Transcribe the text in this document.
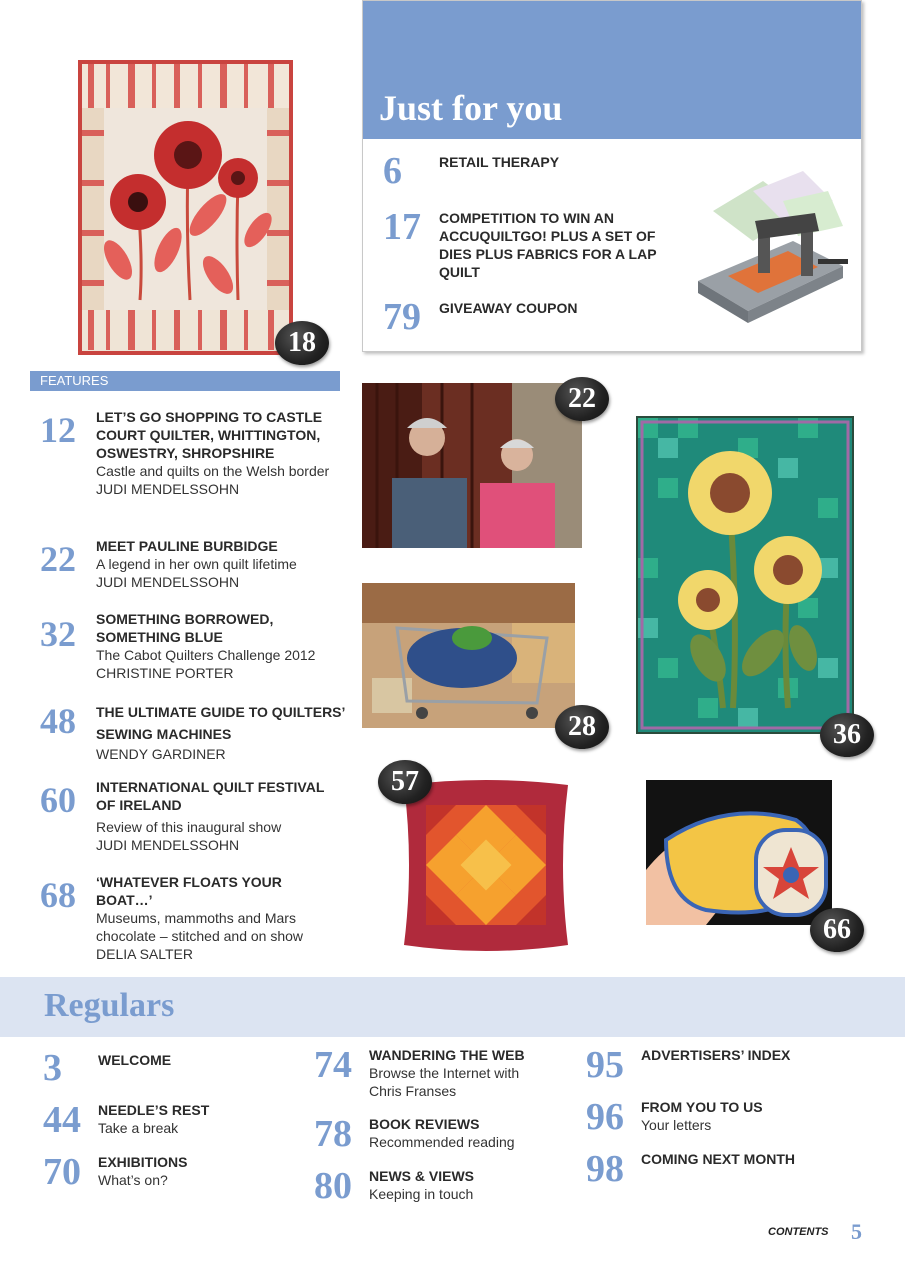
18
Just for you
6	RETAIL THERAPY
17 COMPETITION TO WIN AN ACCUQUILTGO! PLUS A SET OF DIES PLUS FABRICS FOR A LAP QUILT
79 GIVEAWAY COUPON
FEATURES
12 LET’S GO SHOPPING TO CASTLE COURT QUILTER, WHITTINGTON, OSWESTRY, SHROPSHIRE
Castle and quilts on the Welsh border
JUDI MENDELSSOHN
22 MEET PAULINE BURBIDGE
A legend in her own quilt lifetime
JUDI MENDELSSOHN
32 SOMETHING BORROWED, SOMETHING BLUE
The Cabot Quilters Challenge 2012
CHRISTINE PORTER
48 THE ULTIMATE GUIDE TO QUILTERS’ SEWING MACHINES
WENDY GARDINER
60 INTERNATIONAL QUILT FESTIVAL OF IRELAND
Review of this inaugural show
JUDI MENDELSSOHN
68 ‘WHATEVER FLOATS YOUR BOAT…’
Museums, mammoths and Mars chocolate – stitched and on show
DELIA SALTER
22
28	36
57
66
Regulars
3	WELCOME
44 NEEDLE’S REST
Take a break
70 EXHIBITIONS
What’s on?
74 WANDERING THE WEB
Browse the Internet with Chris Franses
78 BOOK REVIEWS
Recommended reading
80 NEWS & VIEWS
Keeping in touch
95 ADVERTISERS’ INDEX
96 FROM YOU TO US
Your letters
98 COMING NEXT MONTH
CONTENTS 5
